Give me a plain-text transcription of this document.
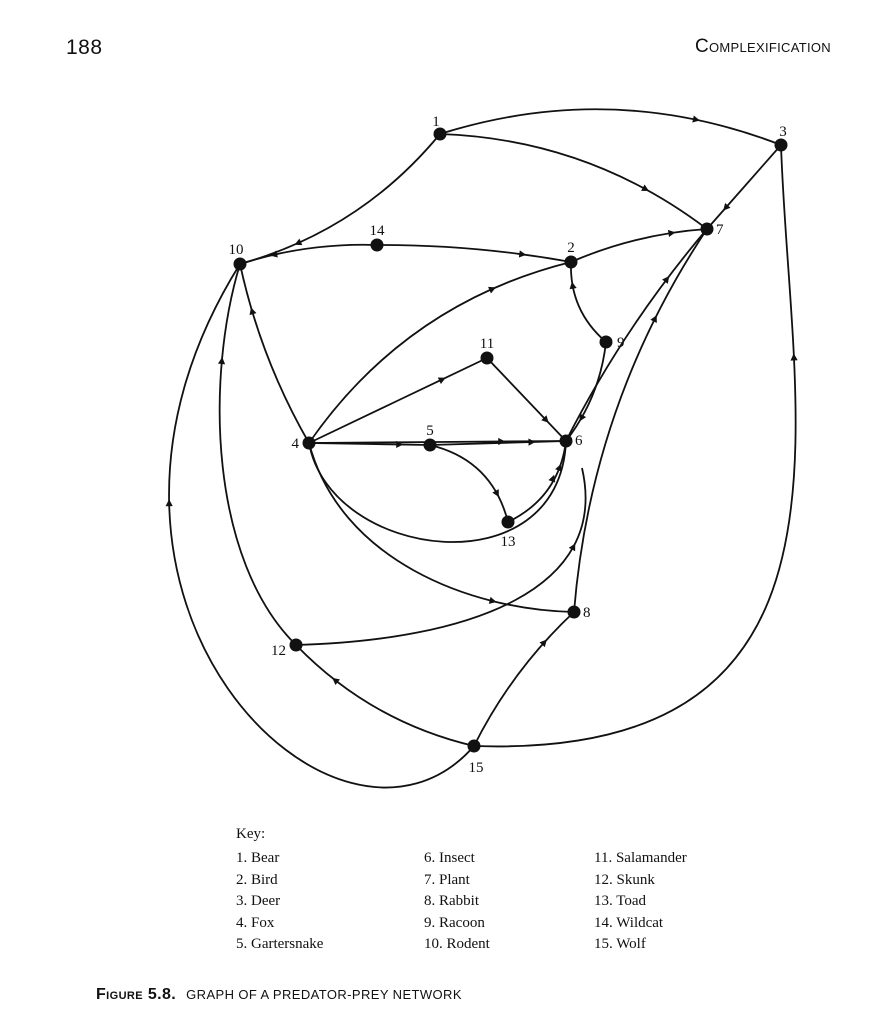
188	Complexification
1
2
3
4
5
6
7
8
9
10
11
12
13
14
15
Key:
1. Bear
2. Bird
3. Deer
4. Fox
5. Gartersnake
6. Insect
7. Plant
8. Rabbit
9. Racoon
10. Rodent
11. Salamander
12. Skunk
13. Toad
14. Wildcat
15. Wolf
Figure 5.8. GRAPH OF A PREDATOR-PREY NETWORK
